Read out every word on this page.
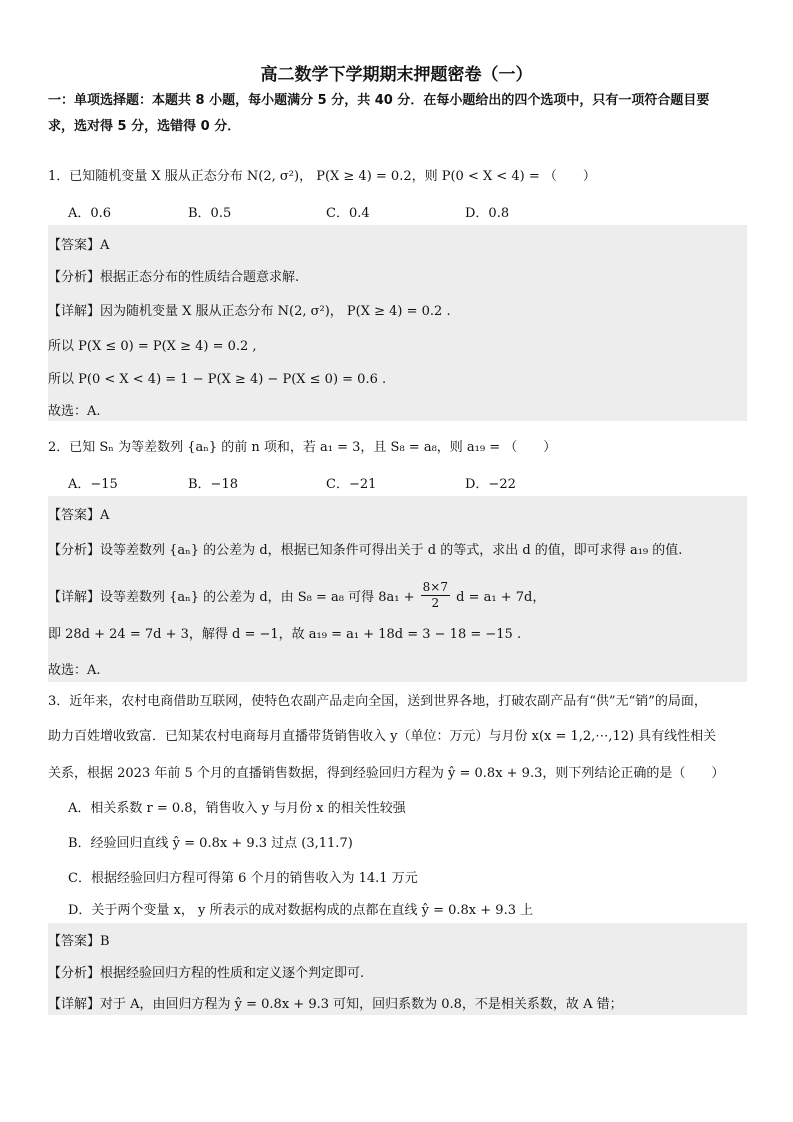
高二数学下学期期末押题密卷（一）
一：单项选择题：本题共 8 小题，每小题满分 5 分，共 40 分．在每小题给出的四个选项中，只有一项符合题目要
求，选对得 5 分，选错得 0 分．
1．已知随机变量 X 服从正态分布 N(2, σ²)， P(X ≥ 4) = 0.2，则 P(0 < X < 4) = （　　）
A．0.6	B．0.5	C．0.4	D．0.8
【答案】A
【分析】根据正态分布的性质结合题意求解.
【详解】因为随机变量 X 服从正态分布 N(2, σ²)， P(X ≥ 4) = 0.2 .
所以 P(X ≤ 0) = P(X ≥ 4) = 0.2 ,
所以 P(0 < X < 4) = 1 − P(X ≥ 4) − P(X ≤ 0) = 0.6 .
故选：A.
2．已知 Sₙ 为等差数列 {aₙ} 的前 n 项和，若 a₁ = 3，且 S₈ = a₈，则 a₁₉ = （　　）
A．−15	B．−18	C．−21	D．−22
【答案】A
【分析】设等差数列 {aₙ} 的公差为 d，根据已知条件可得出关于 d 的等式，求出 d 的值，即可求得 a₁₉ 的值.
【详解】设等差数列 {aₙ} 的公差为 d，由 S₈ = a₈ 可得 $8a_1 + \frac{8\times 7}{2}$ d = a₁ + 7d，
即 28d + 24 = 7d + 3，解得 d = −1，故 a₁₉ = a₁ + 18d = 3 − 18 = −15 .
故选：A.
3．近年来，农村电商借助互联网，使特色农副产品走向全国，送到世界各地，打破农副产品有“供”无“销”的局面，
助力百姓增收致富．已知某农村电商每月直播带货销售收入 y（单位：万元）与月份 x(x = 1,2,⋯,12) 具有线性相关
关系，根据 2023 年前 5 个月的直播销售数据，得到经验回归方程为 ŷ = 0.8x + 9.3，则下列结论正确的是（　　）
A．相关系数 r = 0.8，销售收入 y 与月份 x 的相关性较强
B．经验回归直线 ŷ = 0.8x + 9.3 过点 (3,11.7)
C．根据经验回归方程可得第 6 个月的销售收入为 14.1 万元
D．关于两个变量 x， y 所表示的成对数据构成的点都在直线 ŷ = 0.8x + 9.3 上
【答案】B
【分析】根据经验回归方程的性质和定义逐个判定即可.
【详解】对于 A，由回归方程为 ŷ = 0.8x + 9.3 可知，回归系数为 0.8，不是相关系数，故 A 错；
